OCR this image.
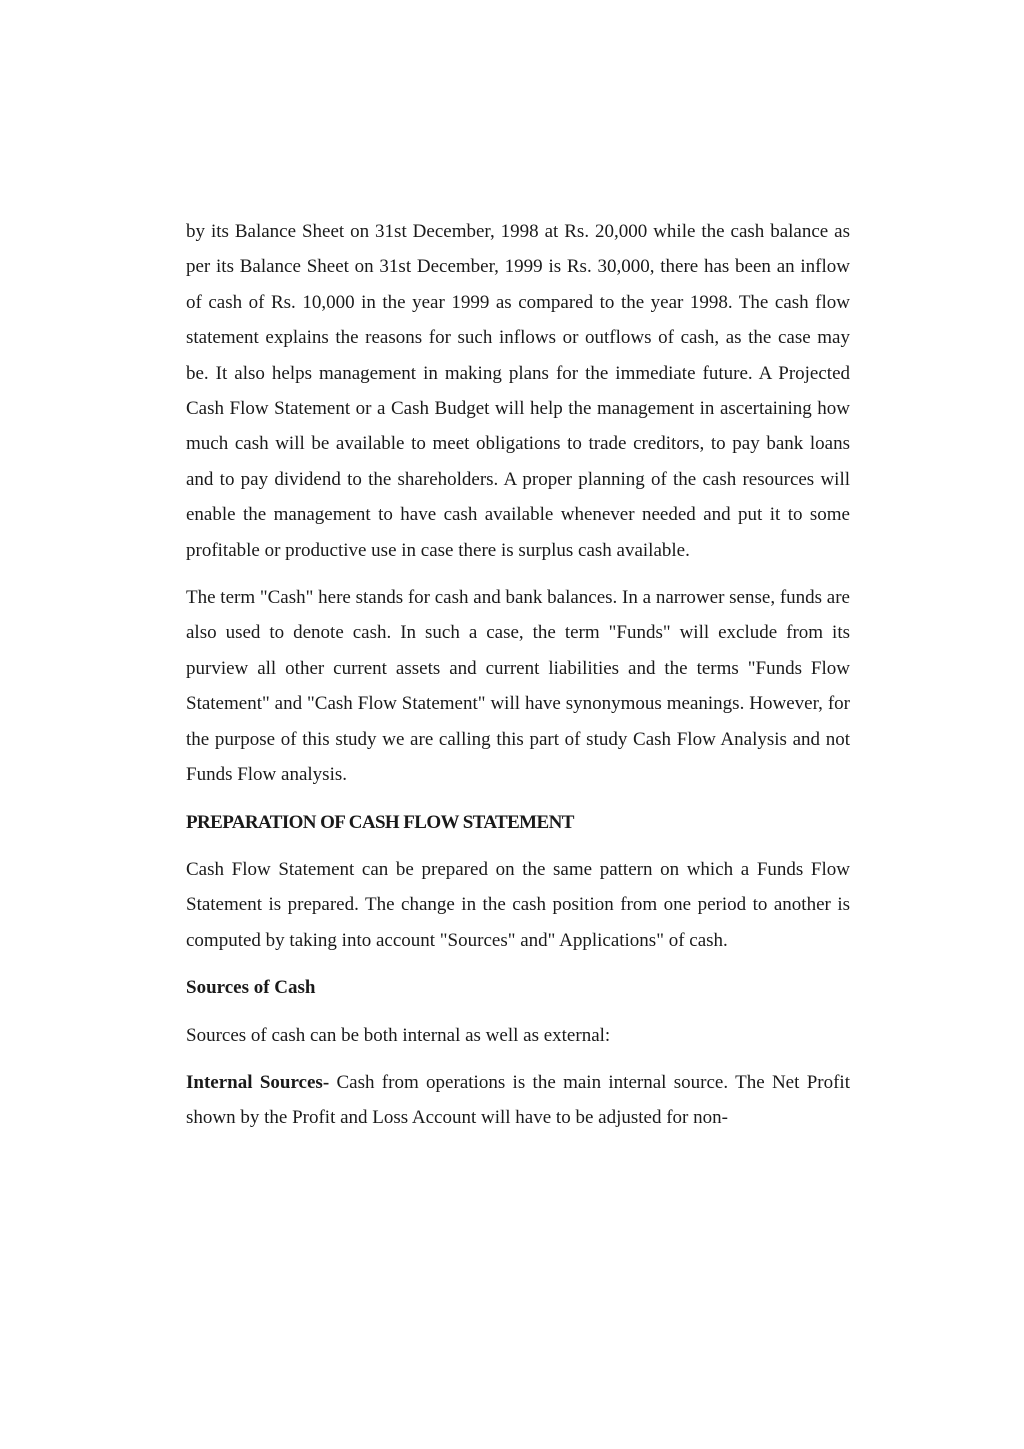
by its Balance Sheet on 31st December, 1998 at Rs. 20,000 while the cash balance as per its Balance Sheet on 31st December, 1999 is Rs. 30,000, there has been an inflow of cash of Rs. 10,000 in the year 1999 as compared to the year 1998. The cash flow statement explains the reasons for such inflows or outflows of cash, as the case may be. It also helps management in making plans for the immediate future. A Projected Cash Flow Statement or a Cash Budget will help the management in ascertaining how much cash will be available to meet obligations to trade creditors, to pay bank loans and to pay dividend to the shareholders. A proper planning of the cash resources will enable the management to have cash available whenever needed and put it to some profitable or productive use in case there is surplus cash available.

The term "Cash" here stands for cash and bank balances. In a narrower sense, funds are also used to denote cash. In such a case, the term "Funds" will exclude from its purview all other current assets and current liabilities and the terms "Funds Flow Statement" and "Cash Flow Statement" will have synonymous meanings. However, for the purpose of this study we are calling this part of study Cash Flow Analysis and not Funds Flow analysis.

PREPARATION OF CASH FLOW STATEMENT

Cash Flow Statement can be prepared on the same pattern on which a Funds Flow Statement is prepared. The change in the cash position from one period to another is computed by taking into account "Sources" and" Applications" of cash.

Sources of Cash

Sources of cash can be both internal as well as external:

Internal Sources- Cash from operations is the main internal source. The Net Profit shown by the Profit and Loss Account will have to be adjusted for non-
